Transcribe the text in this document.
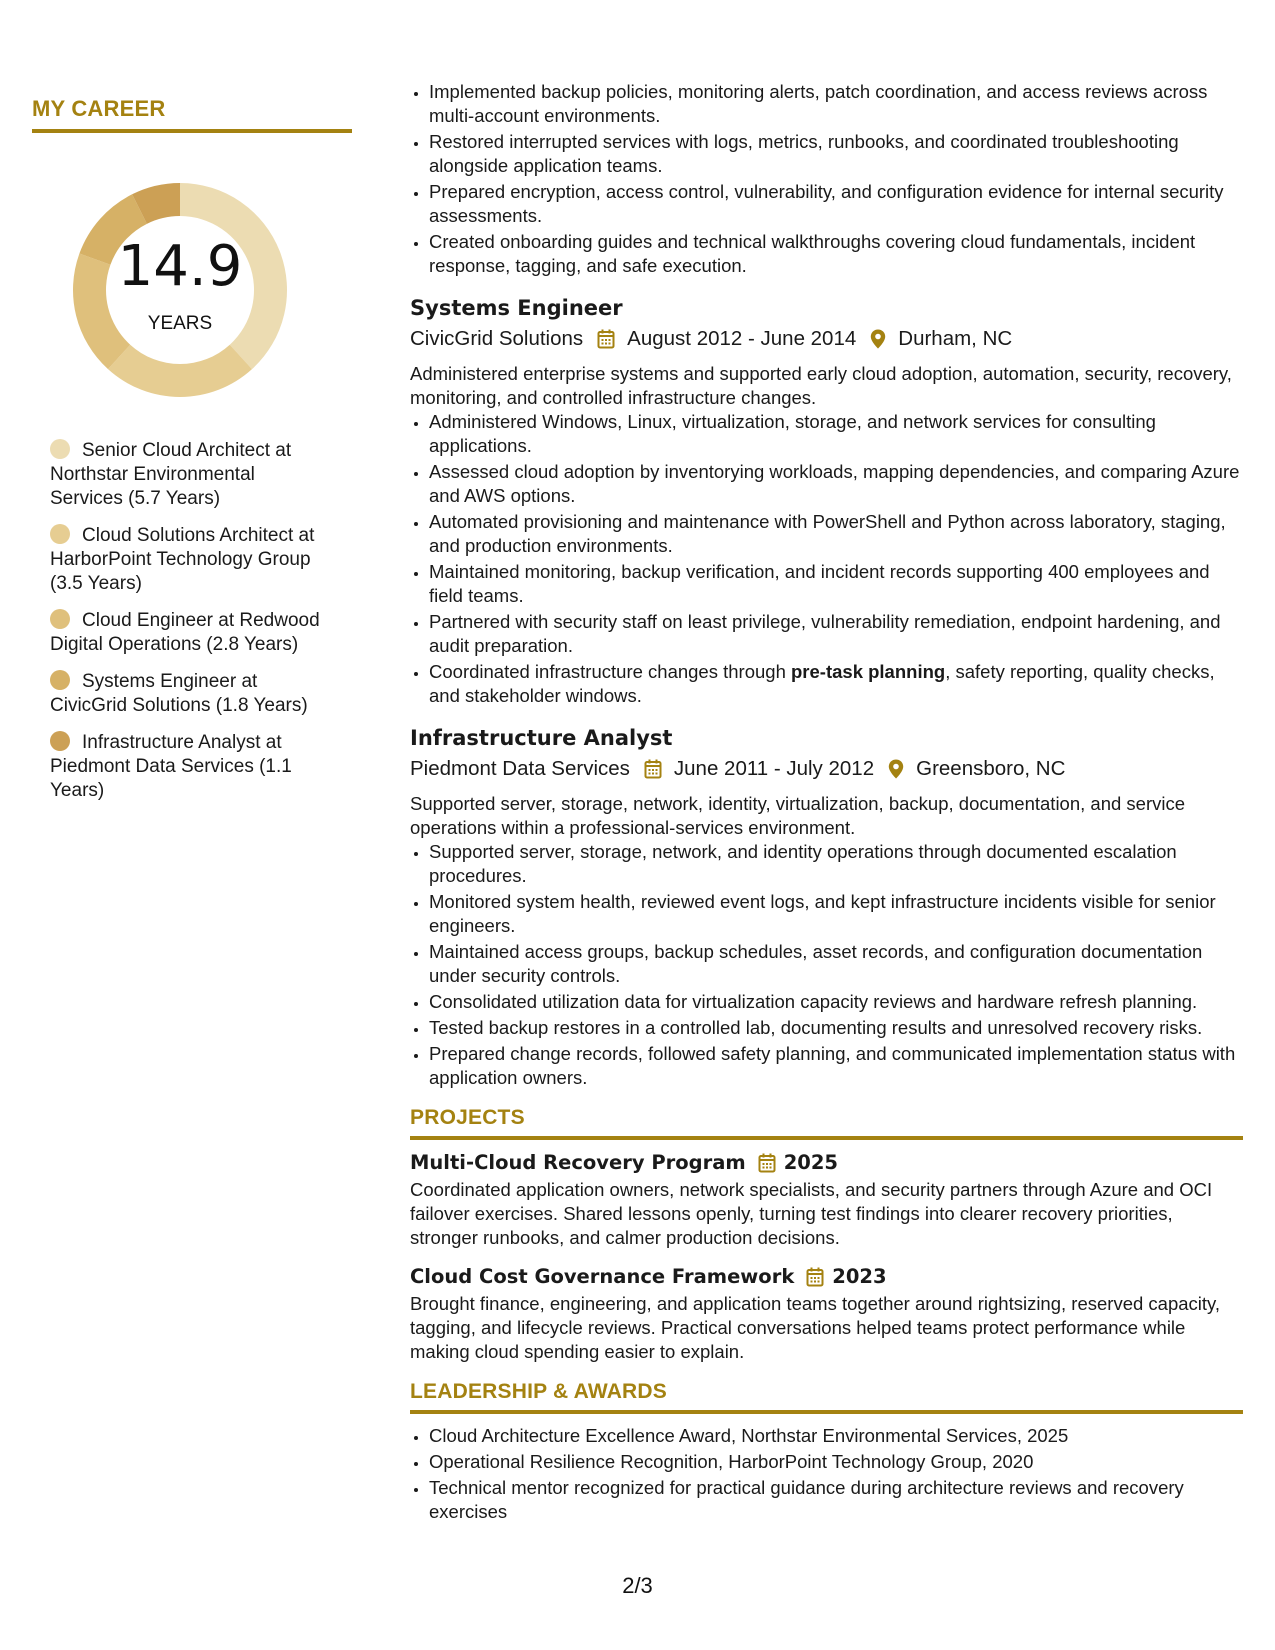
MY CAREER
14.9
YEARS
Senior Cloud Architect at Northstar Environmental Services (5.7 Years)
Cloud Solutions Architect at HarborPoint Technology Group (3.5 Years)
Cloud Engineer at Redwood Digital Operations (2.8 Years)
Systems Engineer at CivicGrid Solutions (1.8 Years)
Infrastructure Analyst at Piedmont Data Services (1.1 Years)
• Implemented backup policies, monitoring alerts, patch coordination, and access reviews across multi-account environments.
• Restored interrupted services with logs, metrics, runbooks, and coordinated troubleshooting alongside application teams.
• Prepared encryption, access control, vulnerability, and configuration evidence for internal security assessments.
• Created onboarding guides and technical walkthroughs covering cloud fundamentals, incident response, tagging, and safe execution.
Systems Engineer
CivicGrid Solutions August 2012 - June 2014 Durham, NC
Administered enterprise systems and supported early cloud adoption, automation, security, recovery, monitoring, and controlled infrastructure changes.
• Administered Windows, Linux, virtualization, storage, and network services for consulting applications.
• Assessed cloud adoption by inventorying workloads, mapping dependencies, and comparing Azure and AWS options.
• Automated provisioning and maintenance with PowerShell and Python across laboratory, staging, and production environments.
• Maintained monitoring, backup verification, and incident records supporting 400 employees and field teams.
• Partnered with security staff on least privilege, vulnerability remediation, endpoint hardening, and audit preparation.
• Coordinated infrastructure changes through pre-task planning, safety reporting, quality checks, and stakeholder windows.
Infrastructure Analyst
Piedmont Data Services June 2011 - July 2012 Greensboro, NC
Supported server, storage, network, identity, virtualization, backup, documentation, and service operations within a professional-services environment.
• Supported server, storage, network, and identity operations through documented escalation procedures.
• Monitored system health, reviewed event logs, and kept infrastructure incidents visible for senior engineers.
• Maintained access groups, backup schedules, asset records, and configuration documentation under security controls.
• Consolidated utilization data for virtualization capacity reviews and hardware refresh planning.
• Tested backup restores in a controlled lab, documenting results and unresolved recovery risks.
• Prepared change records, followed safety planning, and communicated implementation status with application owners.
PROJECTS
Multi-Cloud Recovery Program 2025
Coordinated application owners, network specialists, and security partners through Azure and OCI failover exercises. Shared lessons openly, turning test findings into clearer recovery priorities, stronger runbooks, and calmer production decisions.
Cloud Cost Governance Framework 2023
Brought finance, engineering, and application teams together around rightsizing, reserved capacity, tagging, and lifecycle reviews. Practical conversations helped teams protect performance while making cloud spending easier to explain.
LEADERSHIP & AWARDS
• Cloud Architecture Excellence Award, Northstar Environmental Services, 2025
• Operational Resilience Recognition, HarborPoint Technology Group, 2020
• Technical mentor recognized for practical guidance during architecture reviews and recovery exercises
2/3
